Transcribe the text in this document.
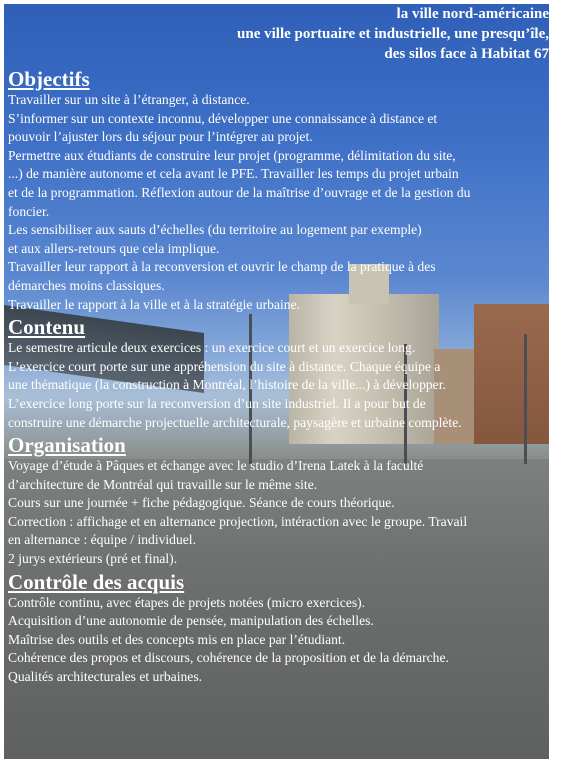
la ville nord-américaine
une ville portuaire et industrielle, une presqu’île,
des silos face à Habitat 67
Objectifs

Travailler sur un site à l’étranger, à distance.
S’informer sur un contexte inconnu, développer une connaissance à distance et
pouvoir l’ajuster lors du séjour pour l’intégrer au projet.
Permettre aux étudiants de construire leur projet (programme, délimitation du site,
...) de manière autonome et cela avant le PFE. Travailler les temps du projet urbain
et de la programmation. Réflexion autour de la maîtrise d’ouvrage et de la gestion du
foncier.
Les sensibiliser aux sauts d’échelles (du territoire au logement par exemple)
et aux allers-retours que cela implique.
Travailler leur rapport à la reconversion et ouvrir le champ de la pratique à des
démarches moins classiques.
Travailler le rapport à la ville et à la stratégie urbaine.

Contenu

Le semestre articule deux exercices : un exercice court et un exercice long.
L’exercice court porte sur une appréhension du site à distance. Chaque équipe a
une thématique (la construction à Montréal, l’histoire de la ville...) à développer.
L’exercice long porte sur la reconversion d’un site industriel. Il a pour but de
construire une démarche projectuelle architecturale, paysagère et urbaine complète.

Organisation

Voyage d’étude à Pâques et échange avec le studio d’Irena Latek à la faculté
d’architecture de Montréal qui travaille sur le même site.
Cours sur une journée + fiche pédagogique. Séance de cours théorique.
Correction : affichage et en alternance projection, intéraction avec le groupe. Travail
en alternance : équipe / individuel.
2 jurys extérieurs (pré et final).

Contrôle des acquis

Contrôle continu, avec étapes de projets notées (micro exercices).
Acquisition d’une autonomie de pensée, manipulation des échelles.
Maîtrise des outils et des concepts mis en place par l’étudiant.
Cohérence des propos et discours, cohérence de la proposition et de la démarche.
Qualités architecturales et urbaines.
